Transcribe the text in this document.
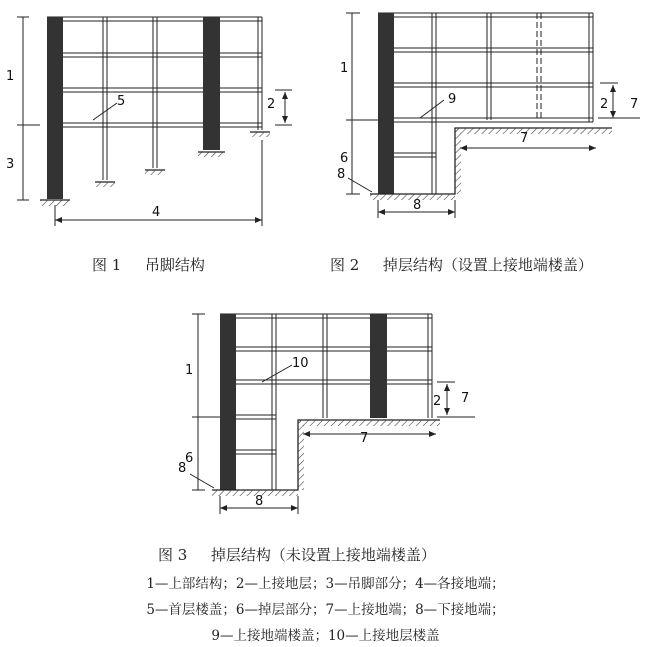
1
2
3
4
5
1
2
6
7
7
8
8
9
1
2
6
7
7
8
8
10
图 1 吊脚结构	图 2 掉层结构（设置上接地端楼盖）
图 3 掉层结构（未设置上接地端楼盖）
1—上部结构；2—上接地层；3—吊脚部分；4—各接地端；
5—首层楼盖；6—掉层部分；7—上接地端；8—下接地端；
9—上接地端楼盖；10—上接地层楼盖
